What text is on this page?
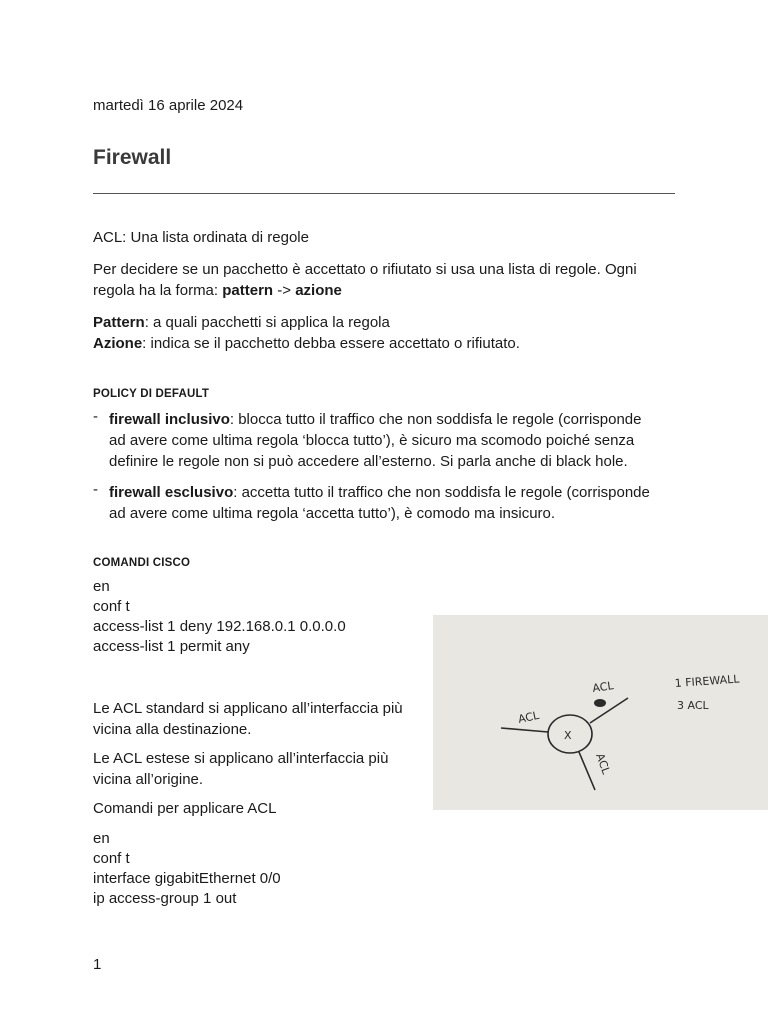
martedì 16 aprile 2024
Firewall
ACL: Una lista ordinata di regole
Per decidere se un pacchetto è accettato o rifiutato si usa una lista di regole. Ogni
regola ha la forma: pattern -> azione
Pattern: a quali pacchetti si applica la regola
Azione: indica se il pacchetto debba essere accettato o rifiutato.
POLICY DI DEFAULT
- firewall inclusivo: blocca tutto il traffico che non soddisfa le regole (corrisponde
ad avere come ultima regola ‘blocca tutto’), è sicuro ma scomodo poiché senza
definire le regole non si può accedere all’esterno. Si parla anche di black hole.
- firewall esclusivo: accetta tutto il traffico che non soddisfa le regole (corrisponde
ad avere come ultima regola ‘accetta tutto’), è comodo ma insicuro.
COMANDI CISCO
en
conf t
access-list 1 deny 192.168.0.1 0.0.0.0
access-list 1 permit any
Le ACL standard si applicano all’interfaccia più
vicina alla destinazione.
Le ACL estese si applicano all’interfaccia più
vicina all’origine.
Comandi per applicare ACL
en
conf t
interface gigabitEthernet 0/0
ip access-group 1 out
X
ACL
ACL
ACL
1 FIREWALL
3 ACL
1
